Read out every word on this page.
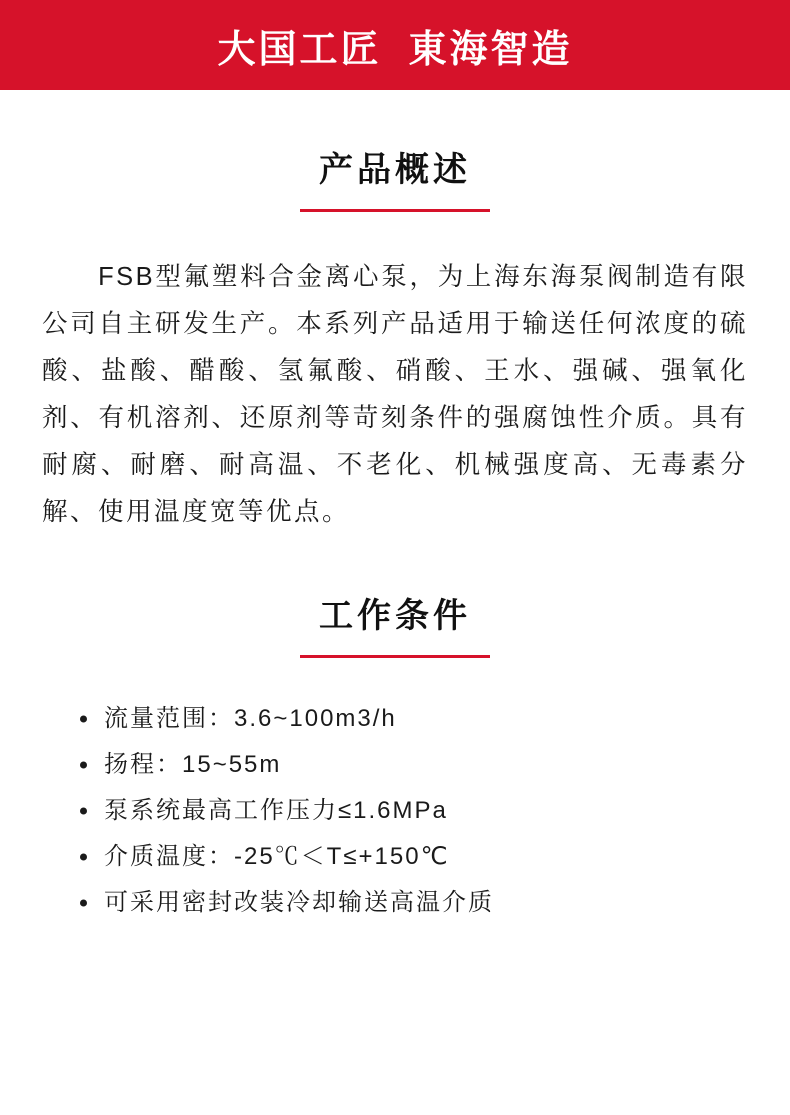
大国工匠  東海智造
产品概述

FSB型氟塑料合金离心泵，为上海东海泵阀制造有限公司自主研发生产。本系列产品适用于输送任何浓度的硫酸、盐酸、醋酸、氢氟酸、硝酸、王水、强碱、强氧化剂、有机溶剂、还原剂等苛刻条件的强腐蚀性介质。具有耐腐、耐磨、耐高温、不老化、机械强度高、无毒素分解、使用温度宽等优点。

工作条件
流量范围：3.6~100m3/h
扬程：15~55m
泵系统最高工作压力≤1.6MPa
介质温度：-25℃＜T≤+150℃
可采用密封改装冷却输送高温介质
